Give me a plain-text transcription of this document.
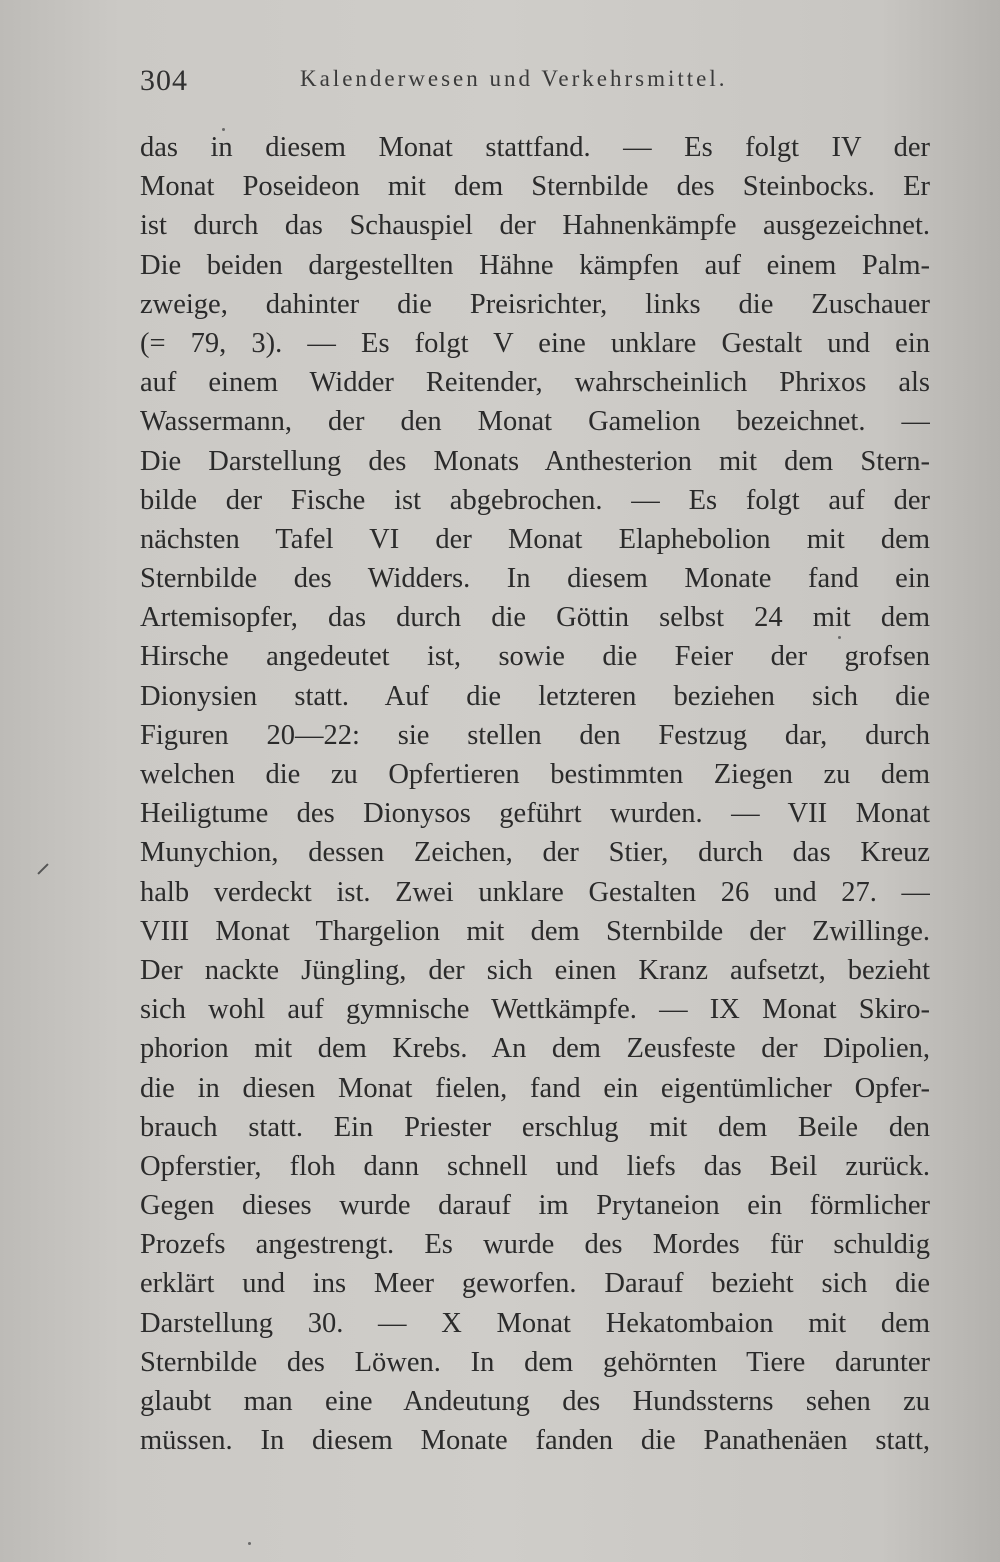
304	Kalenderwesen und Verkehrsmittel.
das in diesem Monat stattfand. — Es folgt IV der
Monat Poseideon mit dem Sternbilde des Steinbocks. Er
ist durch das Schauspiel der Hahnenkämpfe ausgezeichnet.
Die beiden dargestellten Hähne kämpfen auf einem Palm-
zweige, dahinter die Preisrichter, links die Zuschauer
(= 79, 3). — Es folgt V eine unklare Gestalt und ein
auf einem Widder Reitender, wahrscheinlich Phrixos als
Wassermann, der den Monat Gamelion bezeichnet. —
Die Darstellung des Monats Anthesterion mit dem Stern-
bilde der Fische ist abgebrochen. — Es folgt auf der
nächsten Tafel VI der Monat Elaphebolion mit dem
Sternbilde des Widders. In diesem Monate fand ein
Artemisopfer, das durch die Göttin selbst 24 mit dem
Hirsche angedeutet ist, sowie die Feier der grofsen
Dionysien statt. Auf die letzteren beziehen sich die
Figuren 20—22: sie stellen den Festzug dar, durch
welchen die zu Opfertieren bestimmten Ziegen zu dem
Heiligtume des Dionysos geführt wurden. — VII Monat
Munychion, dessen Zeichen, der Stier, durch das Kreuz
halb verdeckt ist. Zwei unklare Gestalten 26 und 27. —
VIII Monat Thargelion mit dem Sternbilde der Zwillinge.
Der nackte Jüngling, der sich einen Kranz aufsetzt, bezieht
sich wohl auf gymnische Wettkämpfe. — IX Monat Skiro-
phorion mit dem Krebs. An dem Zeusfeste der Dipolien,
die in diesen Monat fielen, fand ein eigentümlicher Opfer-
brauch statt. Ein Priester erschlug mit dem Beile den
Opferstier, floh dann schnell und liefs das Beil zurück.
Gegen dieses wurde darauf im Prytaneion ein förmlicher
Prozefs angestrengt. Es wurde des Mordes für schuldig
erklärt und ins Meer geworfen. Darauf bezieht sich die
Darstellung 30. — X Monat Hekatombaion mit dem
Sternbilde des Löwen. In dem gehörnten Tiere darunter
glaubt man eine Andeutung des Hundssterns sehen zu
müssen. In diesem Monate fanden die Panathenäen statt,
